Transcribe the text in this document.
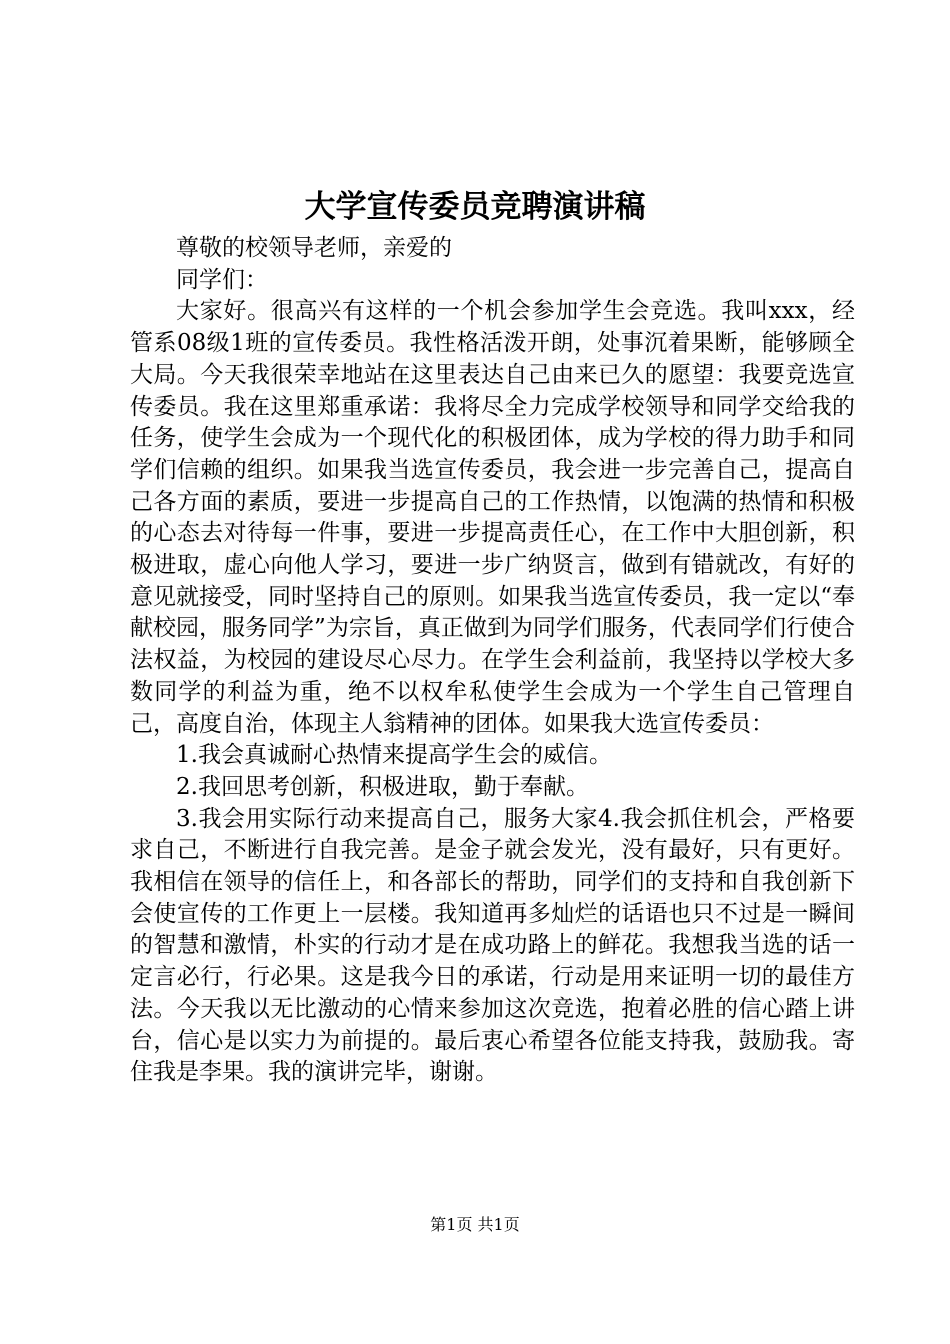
大学宣传委员竞聘演讲稿

尊敬的校领导老师，亲爱的

同学们：

大家好。很高兴有这样的一个机会参加学生会竞选。我叫xxx，经管系08级1班的宣传委员。我性格活泼开朗，处事沉着果断，能够顾全大局。今天我很荣幸地站在这里表达自己由来已久的愿望：我要竞选宣传委员。我在这里郑重承诺：我将尽全力完成学校领导和同学交给我的任务，使学生会成为一个现代化的积极团体，成为学校的得力助手和同学们信赖的组织。如果我当选宣传委员，我会进一步完善自己，提高自己各方面的素质，要进一步提高自己的工作热情，以饱满的热情和积极的心态去对待每一件事，要进一步提高责任心，在工作中大胆创新，积极进取，虚心向他人学习，要进一步广纳贤言，做到有错就改，有好的意见就接受，同时坚持自己的原则。如果我当选宣传委员，我一定以“奉献校园，服务同学”为宗旨，真正做到为同学们服务，代表同学们行使合法权益，为校园的建设尽心尽力。在学生会利益前，我坚持以学校大多数同学的利益为重，绝不以权牟私使学生会成为一个学生自己管理自己，高度自治，体现主人翁精神的团体。如果我大选宣传委员：

1.我会真诚耐心热情来提高学生会的威信。

2.我回思考创新，积极进取，勤于奉献。

3.我会用实际行动来提高自己，服务大家4.我会抓住机会，严格要求自己，不断进行自我完善。是金子就会发光，没有最好，只有更好。我相信在领导的信任上，和各部长的帮助，同学们的支持和自我创新下会使宣传的工作更上一层楼。我知道再多灿烂的话语也只不过是一瞬间的智慧和激情，朴实的行动才是在成功路上的鲜花。我想我当选的话一定言必行，行必果。这是我今日的承诺，行动是用来证明一切的最佳方法。今天我以无比激动的心情来参加这次竞选，抱着必胜的信心踏上讲台，信心是以实力为前提的。最后衷心希望各位能支持我，鼓励我。寄住我是李果。我的演讲完毕，谢谢。

第1页 共1页
